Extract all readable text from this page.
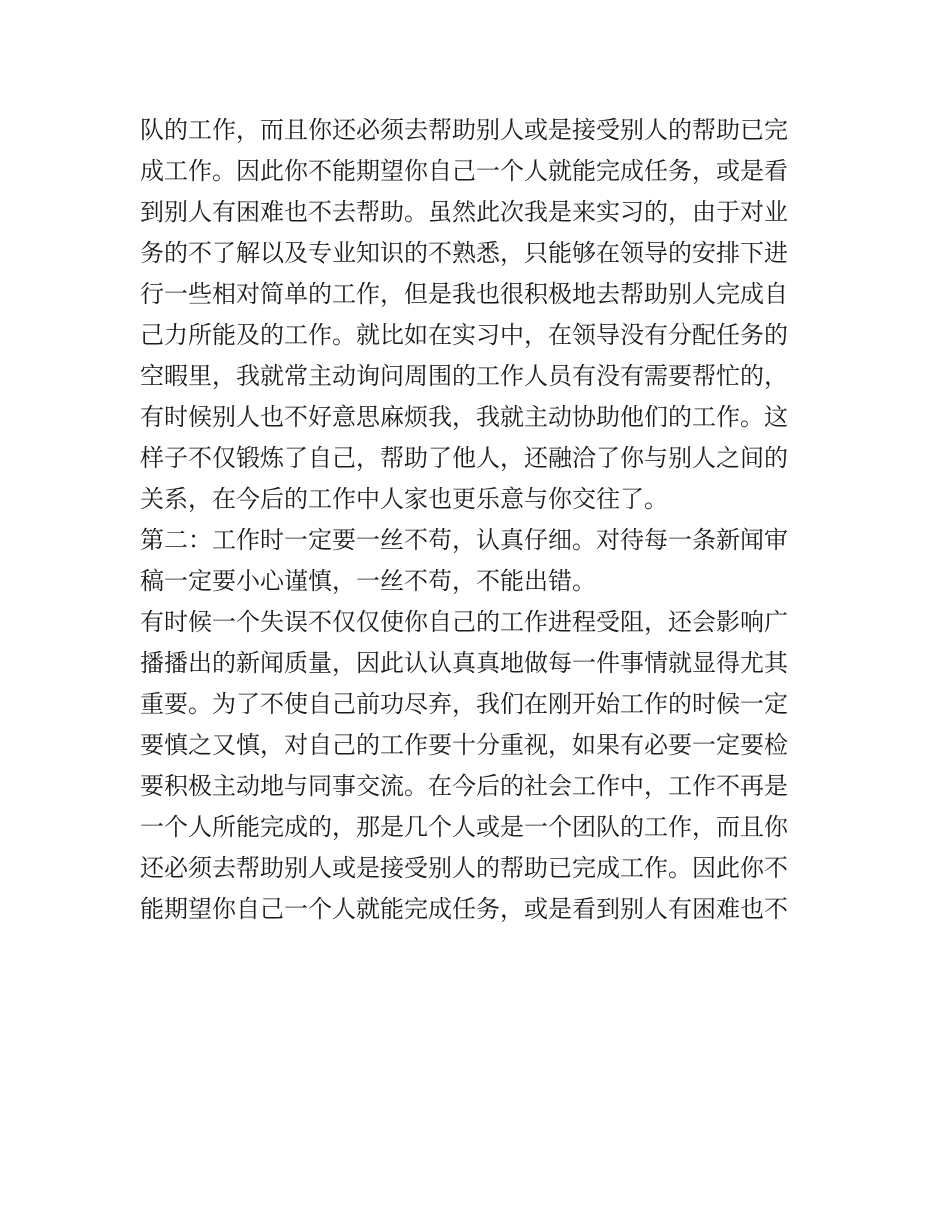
队的工作，而且你还必须去帮助别人或是接受别人的帮助已完
成工作。因此你不能期望你自己一个人就能完成任务，或是看
到别人有困难也不去帮助。虽然此次我是来实习的，由于对业
务的不了解以及专业知识的不熟悉，只能够在领导的安排下进
行一些相对简单的工作，但是我也很积极地去帮助别人完成自
己力所能及的工作。就比如在实习中，在领导没有分配任务的
空暇里，我就常主动询问周围的工作人员有没有需要帮忙的，
有时候别人也不好意思麻烦我，我就主动协助他们的工作。这
样子不仅锻炼了自己，帮助了他人，还融洽了你与别人之间的
关系，在今后的工作中人家也更乐意与你交往了。
第二：工作时一定要一丝不苟，认真仔细。对待每一条新闻审
稿一定要小心谨慎，一丝不苟，不能出错。
有时候一个失误不仅仅使你自己的工作进程受阻，还会影响广
播播出的新闻质量，因此认认真真地做每一件事情就显得尤其
重要。为了不使自己前功尽弃，我们在刚开始工作的时候一定
要慎之又慎，对自己的工作要十分重视，如果有必要一定要检
要积极主动地与同事交流。在今后的社会工作中，工作不再是
一个人所能完成的，那是几个人或是一个团队的工作，而且你
还必须去帮助别人或是接受别人的帮助已完成工作。因此你不
能期望你自己一个人就能完成任务，或是看到别人有困难也不
